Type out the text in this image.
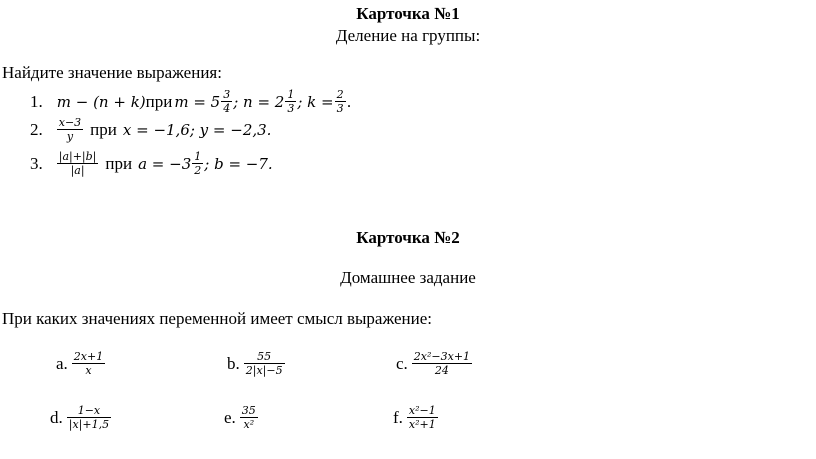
Карточка №1
Деление на группы:
Найдите значение выражения:
1. m − (n + k) при $m = 5 \frac{3}{4}$ ; $n = 2 \frac{1}{3}$ ; $k = \frac{2}{3}$ .
2. $\frac{x-3}{y}$ при x = −1,6; y = −2,3.
3. $\frac{|a|+|b|}{|a|}$ при $a = -3 \frac{1}{2}$ ; b = −7.
Карточка №2
Домашнее задание
При каких значениях переменной имеет смысл выражение:
a. $\frac{2x+1}{x}$	b. $\frac{55}{2|x|-5}$	c. $\frac{\text{2x²−3x+1}}{24}$
d. $\frac{1-x}{|x|+1,5}$	e. $\frac{35}{\text{x²}}$	f. $\frac{\text{x²−1}}{\text{x²+1}}$
